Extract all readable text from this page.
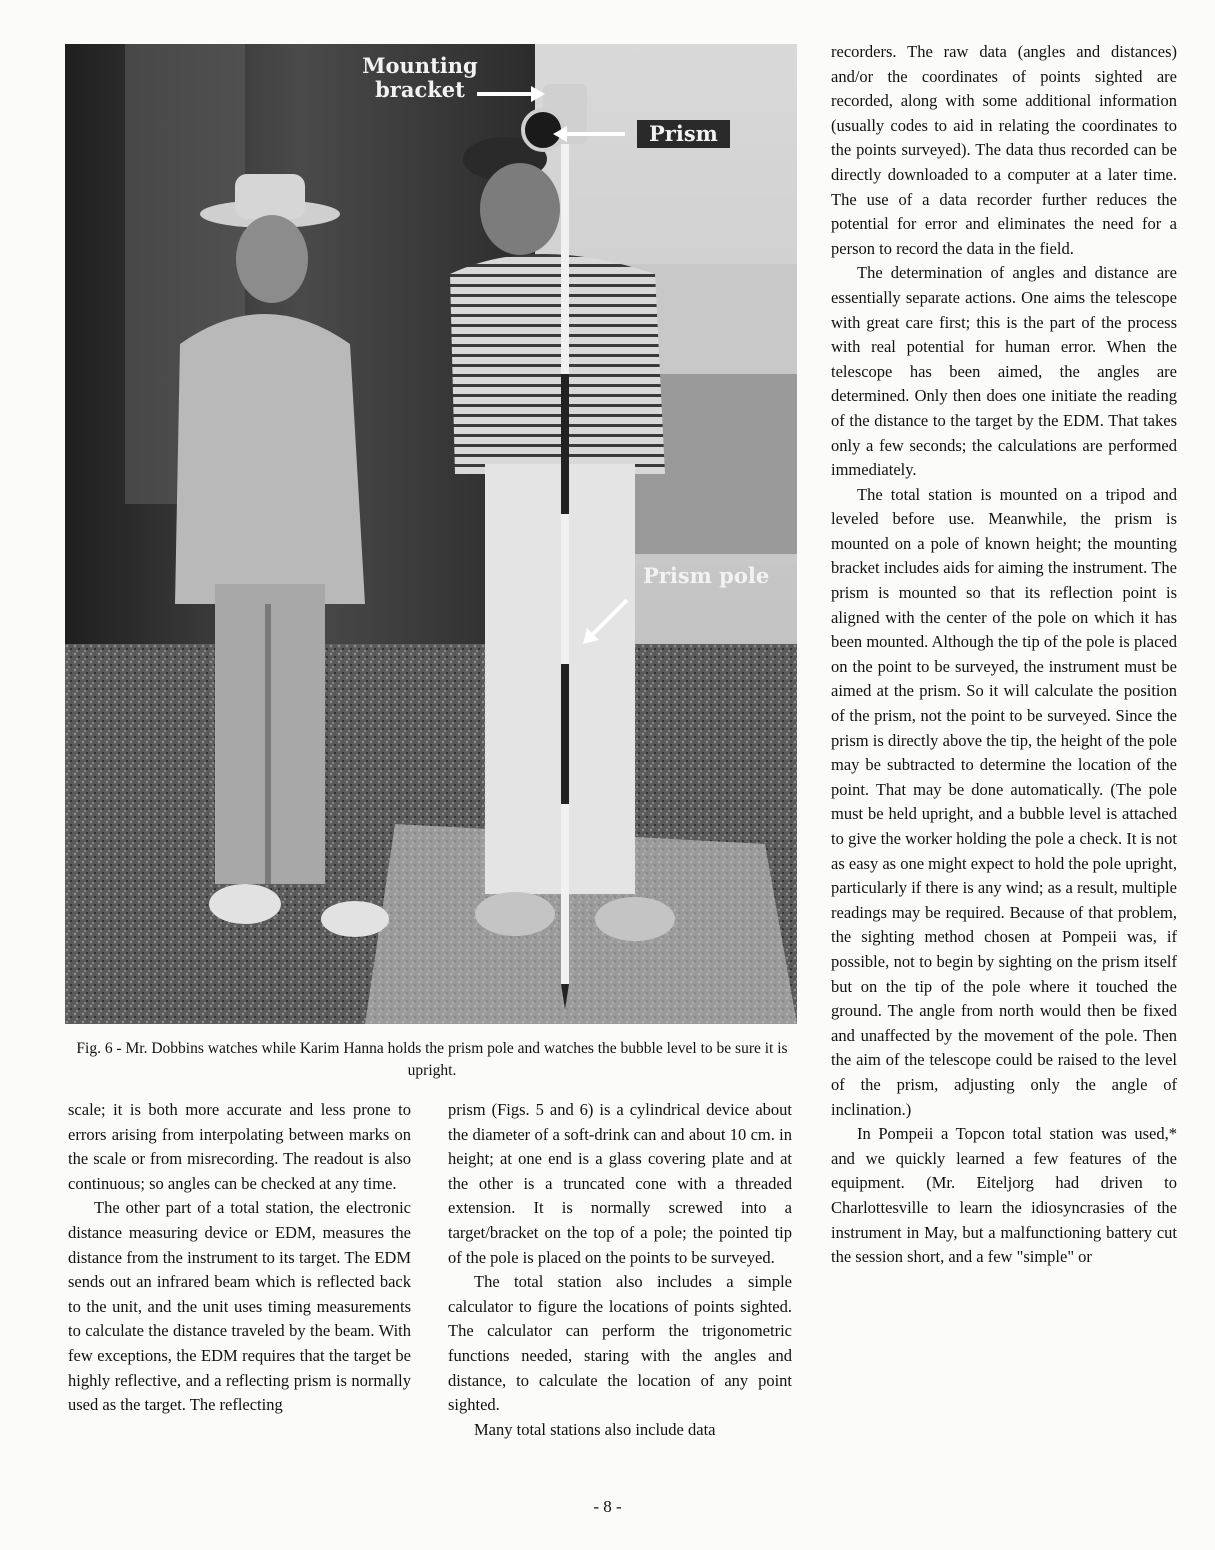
Mounting bracket
Prism
Prism pole
Fig. 6 - Mr. Dobbins watches while Karim Hanna holds the prism pole and watches the bubble level to be sure it is upright.

scale; it is both more accurate and less prone to errors arising from interpolating between marks on the scale or from misrecording. The readout is also continuous; so angles can be checked at any time.

The other part of a total station, the electronic distance measuring device or EDM, measures the distance from the instrument to its target. The EDM sends out an infrared beam which is reflected back to the unit, and the unit uses timing measurements to calculate the distance traveled by the beam. With few exceptions, the EDM requires that the target be highly reflective, and a reflecting prism is normally used as the target. The reflecting

prism (Figs. 5 and 6) is a cylindrical device about the diameter of a soft-drink can and about 10 cm. in height; at one end is a glass covering plate and at the other is a truncated cone with a threaded extension. It is normally screwed into a target/bracket on the top of a pole; the pointed tip of the pole is placed on the points to be surveyed.

The total station also includes a simple calculator to figure the locations of points sighted. The calculator can perform the trigonometric functions needed, staring with the angles and distance, to calculate the location of any point sighted.

Many total stations also include data

recorders. The raw data (angles and distances) and/or the coordinates of points sighted are recorded, along with some additional information (usually codes to aid in relating the coordinates to the points surveyed). The data thus recorded can be directly downloaded to a computer at a later time. The use of a data recorder further reduces the potential for error and eliminates the need for a person to record the data in the field.

The determination of angles and distance are essentially separate actions. One aims the telescope with great care first; this is the part of the process with real potential for human error. When the telescope has been aimed, the angles are determined. Only then does one initiate the reading of the distance to the target by the EDM. That takes only a few seconds; the calculations are performed immediately.

The total station is mounted on a tripod and leveled before use. Meanwhile, the prism is mounted on a pole of known height; the mounting bracket includes aids for aiming the instrument. The prism is mounted so that its reflection point is aligned with the center of the pole on which it has been mounted. Although the tip of the pole is placed on the point to be surveyed, the instrument must be aimed at the prism. So it will calculate the position of the prism, not the point to be surveyed. Since the prism is directly above the tip, the height of the pole may be subtracted to determine the location of the point. That may be done automatically. (The pole must be held upright, and a bubble level is attached to give the worker holding the pole a check. It is not as easy as one might expect to hold the pole upright, particularly if there is any wind; as a result, multiple readings may be required. Because of that problem, the sighting method chosen at Pompeii was, if possible, not to begin by sighting on the prism itself but on the tip of the pole where it touched the ground. The angle from north would then be fixed and unaffected by the movement of the pole. Then the aim of the telescope could be raised to the level of the prism, adjusting only the angle of inclination.)

In Pompeii a Topcon total station was used,* and we quickly learned a few features of the equipment. (Mr. Eiteljorg had driven to Charlottesville to learn the idiosyncrasies of the instrument in May, but a malfunctioning battery cut the session short, and a few "simple" or

- 8 -
